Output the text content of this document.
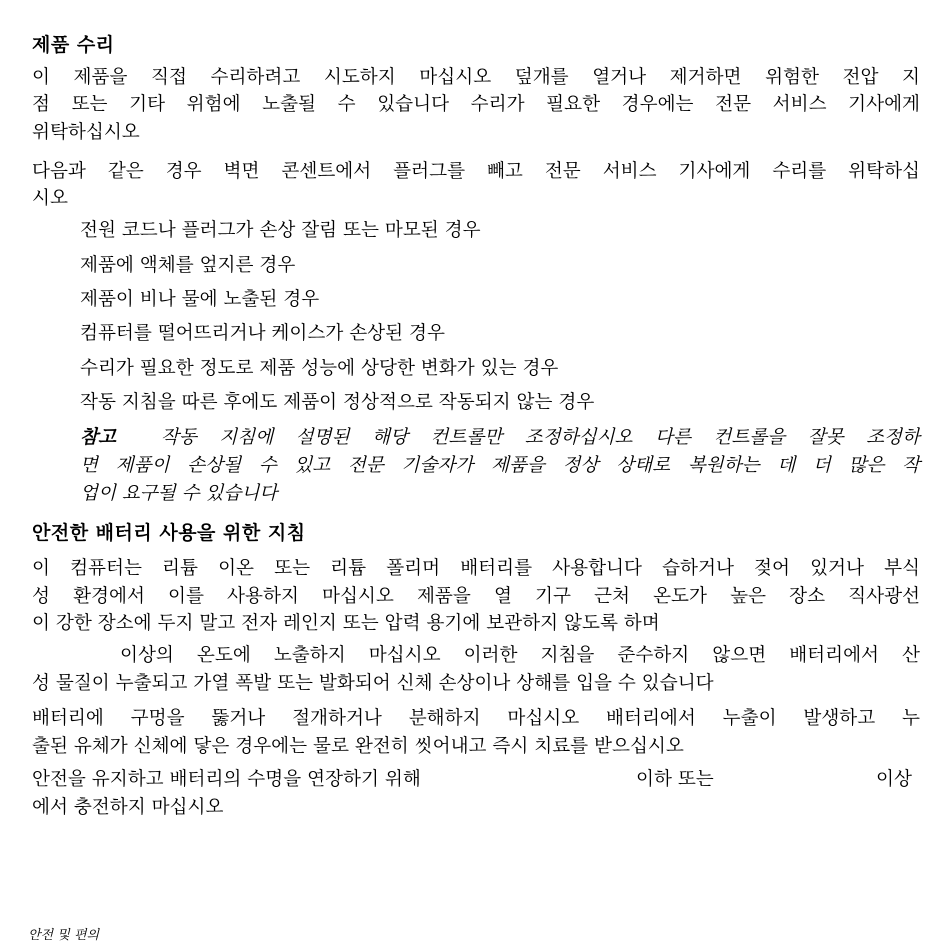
제품 수리
이 제품을 직접 수리하려고 시도하지 마십시오 덮개를 열거나 제거하면 위험한 전압 지
점 또는 기타 위험에 노출될 수 있습니다 수리가 필요한 경우에는 전문 서비스 기사에게
위탁하십시오
다음과 같은 경우 벽면 콘센트에서 플러그를 빼고 전문 서비스 기사에게 수리를 위탁하십
시오
전원 코드나 플러그가 손상 잘림 또는 마모된 경우
제품에 액체를 엎지른 경우
제품이 비나 물에 노출된 경우
컴퓨터를 떨어뜨리거나 케이스가 손상된 경우
수리가 필요한 정도로 제품 성능에 상당한 변화가 있는 경우
작동 지침을 따른 후에도 제품이 정상적으로 작동되지 않는 경우
참고 작동 지침에 설명된 해당 컨트롤만 조정하십시오 다른 컨트롤을 잘못 조정하
면 제품이 손상될 수 있고 전문 기술자가 제품을 정상 상태로 복원하는 데 더 많은 작
업이 요구될 수 있습니다
안전한 배터리 사용을 위한 지침
이 컴퓨터는 리튬 이온 또는 리튬 폴리머 배터리를 사용합니다 습하거나 젖어 있거나 부식
성 환경에서 이를 사용하지 마십시오 제품을 열 기구 근처 온도가 높은 장소 직사광선
이 강한 장소에 두지 말고 전자 레인지 또는 압력 용기에 보관하지 않도록 하며
이상의 온도에 노출하지 마십시오 이러한 지침을 준수하지 않으면 배터리에서 산
성 물질이 누출되고 가열 폭발 또는 발화되어 신체 손상이나 상해를 입을 수 있습니다
배터리에 구멍을 뚫거나 절개하거나 분해하지 마십시오 배터리에서 누출이 발생하고 누
출된 유체가 신체에 닿은 경우에는 물로 완전히 씻어내고 즉시 치료를 받으십시오
안전을 유지하고 배터리의 수명을 연장하기 위해	이하 또는	이상
에서 충전하지 마십시오
안전 및 편의
